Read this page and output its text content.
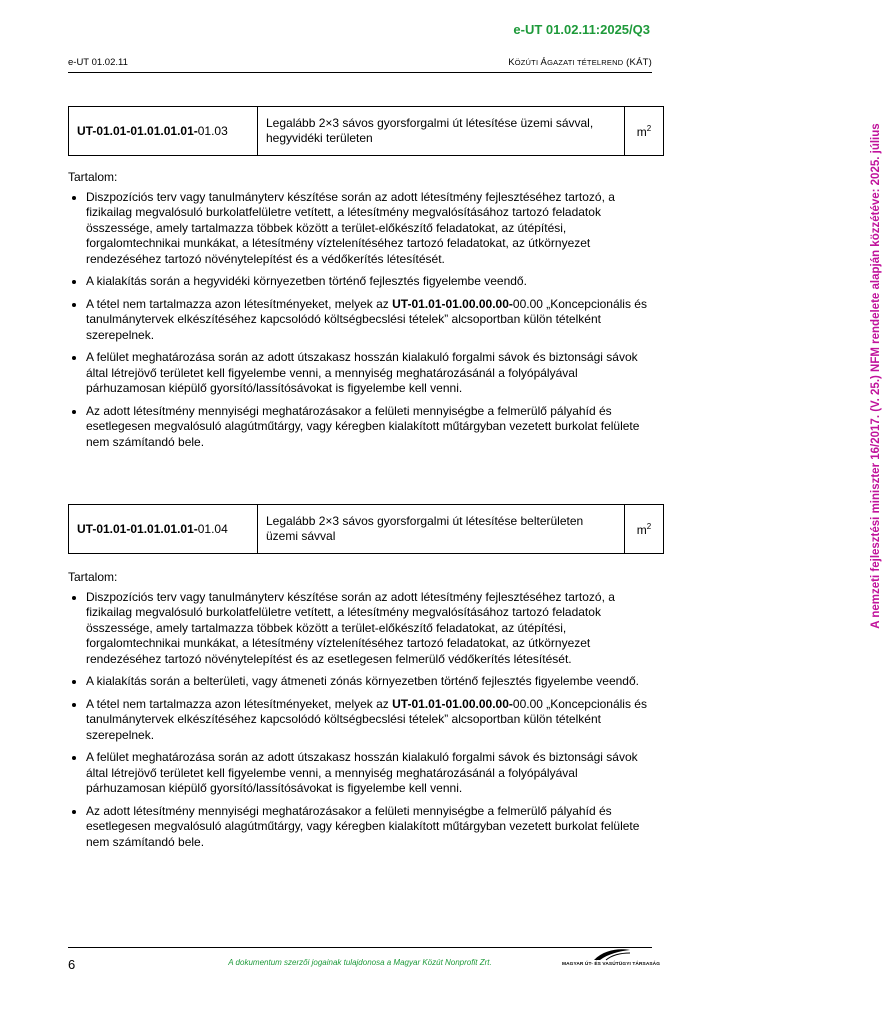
e-UT 01.02.11:2025/Q3
e-UT 01.02.11	KÖZÚTI ÁGAZATI TÉTELREND (KÁT)
A nemzeti fejlesztési miniszter 16/2017. (V. 25.) NFM rendelete alapján közzétéve: 2025. július
UT-01.01-01.01.01.01-01.03	Legalább 2×3 sávos gyorsforgalmi út létesítése üzemi sávval, hegyvidéki területen	$m^2$

Tartalom:

Diszpozíciós terv vagy tanulmányterv készítése során az adott létesítmény fejlesztéséhez tartozó, a fizikailag megvalósuló burkolatfelületre vetített, a létesítmény megvalósításához tartozó feladatok összessége, amely tartalmazza többek között a terület-előkészítő feladatokat, az útépítési, forgalomtechnikai munkákat, a létesítmény víztelenítéséhez tartozó feladatokat, az útkörnyezet rendezéséhez tartozó növénytelepítést és a védőkerítés létesítését.
A kialakítás során a hegyvidéki környezetben történő fejlesztés figyelembe veendő.
A tétel nem tartalmazza azon létesítményeket, melyek az UT-01.01-01.00.00.00-00.00 „Koncepcionális és tanulmánytervek elkészítéséhez kapcsolódó költségbecslési tételek” alcsoportban külön tételként szerepelnek.
A felület meghatározása során az adott útszakasz hosszán kialakuló forgalmi sávok és biztonsági sávok által létrejövő területet kell figyelembe venni, a mennyiség meghatározásánál a folyópályával párhuzamosan kiépülő gyorsító/lassítósávokat is figyelembe kell venni.
Az adott létesítmény mennyiségi meghatározásakor a felületi mennyiségbe a felmerülő pályahíd és esetlegesen megvalósuló alagútműtárgy, vagy kéregben kialakított műtárgyban vezetett burkolat felülete nem számítandó bele.
UT-01.01-01.01.01.01-01.04	Legalább 2×3 sávos gyorsforgalmi út létesítése belterületen üzemi sávval	$m^2$

Tartalom:

Diszpozíciós terv vagy tanulmányterv készítése során az adott létesítmény fejlesztéséhez tartozó, a fizikailag megvalósuló burkolatfelületre vetített, a létesítmény megvalósításához tartozó feladatok összessége, amely tartalmazza többek között a terület-előkészítő feladatokat, az útépítési, forgalomtechnikai munkákat, a létesítmény víztelenítéséhez tartozó feladatokat, az útkörnyezet rendezéséhez tartozó növénytelepítést és az esetlegesen felmerülő védőkerítés létesítését.
A kialakítás során a belterületi, vagy átmeneti zónás környezetben történő fejlesztés figyelembe veendő.
A tétel nem tartalmazza azon létesítményeket, melyek az UT-01.01-01.00.00.00-00.00 „Koncepcionális és tanulmánytervek elkészítéséhez kapcsolódó költségbecslési tételek” alcsoportban külön tételként szerepelnek.
A felület meghatározása során az adott útszakasz hosszán kialakuló forgalmi sávok és biztonsági sávok által létrejövő területet kell figyelembe venni, a mennyiség meghatározásánál a folyópályával párhuzamosan kiépülő gyorsító/lassítósávokat is figyelembe kell venni.
Az adott létesítmény mennyiségi meghatározásakor a felületi mennyiségbe a felmerülő pályahíd és esetlegesen megvalósuló alagútműtárgy, vagy kéregben kialakított műtárgyban vezetett burkolat felülete nem számítandó bele.
6	A dokumentum szerzői jogainak tulajdonosa a Magyar Közút Nonprofit Zrt.	MAGYAR ÚT- ÉS VASÚTÜGYI TÁRSASÁG
